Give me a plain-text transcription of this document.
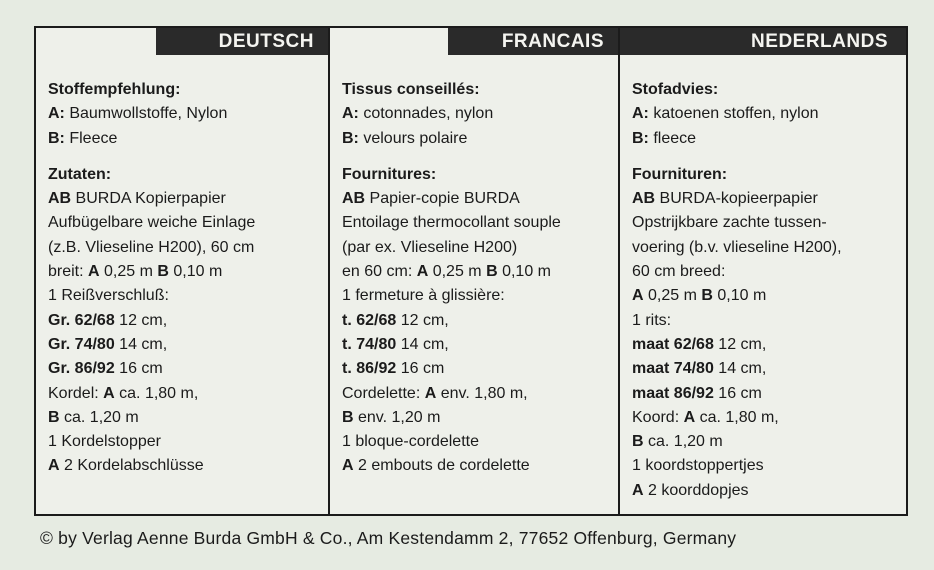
DEUTSCH
Stoffempfehlung:
A: Baumwollstoffe, Nylon
B: Fleece
Zutaten:
AB BURDA Kopierpapier
Aufbügelbare weiche Einlage
(z.B. Vlieseline H200), 60 cm
breit: A 0,25 m B 0,10 m
1 Reißverschluß:
Gr. 62/68 12 cm,
Gr. 74/80 14 cm,
Gr. 86/92 16 cm
Kordel: A ca. 1,80 m,
B ca. 1,20 m
1 Kordelstopper
A 2 Kordelabschlüsse
FRANCAIS
Tissus conseillés:
A: cotonnades, nylon
B: velours polaire
Fournitures:
AB Papier-copie BURDA
Entoilage thermocollant souple
(par ex. Vlieseline H200)
en 60 cm: A 0,25 m B 0,10 m
1 fermeture à glissière:
t. 62/68 12 cm,
t. 74/80 14 cm,
t. 86/92 16 cm
Cordelette: A env. 1,80 m,
B env. 1,20 m
1 bloque-cordelette
A 2 embouts de cordelette
NEDERLANDS
Stofadvies:
A: katoenen stoffen, nylon
B: fleece
Fournituren:
AB BURDA-kopieerpapier
Opstrijkbare zachte tussen-
voering (b.v. vlieseline H200),
60 cm breed:
A 0,25 m B 0,10 m
1 rits:
maat 62/68 12 cm,
maat 74/80 14 cm,
maat 86/92 16 cm
Koord: A ca. 1,80 m,
B ca. 1,20 m
1 koordstoppertjes
A 2 koorddopjes
© by Verlag Aenne Burda GmbH & Co., Am Kestendamm 2, 77652 Offenburg, Germany
